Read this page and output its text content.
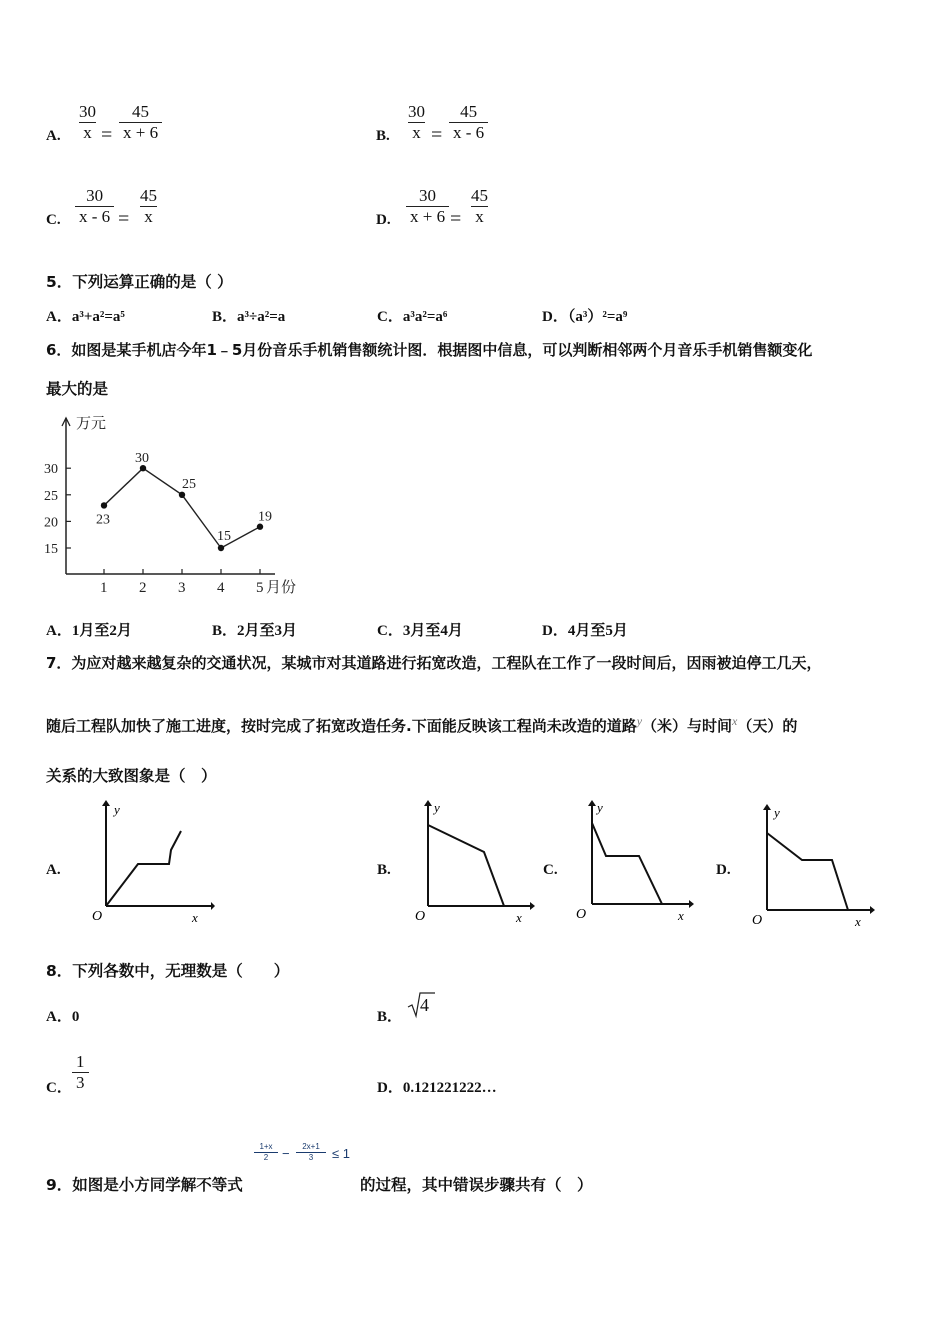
A. $\frac{30}{x} = \frac{45}{x + 6}$	B. $\frac{30}{x} = \frac{45}{x - 6}$
C. $\frac{30}{x - 6} = \frac{45}{x}$	D. $\frac{30}{x + 6} = \frac{45}{x}$
5．下列运算正确的是（ ）
A．a³+a²=a⁵	B．a³÷a²=a	C．a³a²=a⁶	D．（a³）²=a⁹
6．如图是某手机店今年1﹣5月份音乐手机销售额统计图．根据图中信息，可以判断相邻两个月音乐手机销售额变化
最大的是
万元
15
20
25
30
1 2 3 4 5 月份
23
30
25
15
19
A．1月至2月	B．2月至3月	C．3月至4月	D．4月至5月
7．为应对越来越复杂的交通状况，某城市对其道路进行拓宽改造，工程队在工作了一段时间后，因雨被迫停工几天，
随后工程队加快了施工进度，按时完成了拓宽改造任务.下面能反映该工程尚未改造的道路$^y$（米）与时间$^x$（天）的
关系的大致图象是（　）
A.
y
O	x
B.
y
O	x
C.
y
O	x
D.
y
O	x
8．下列各数中，无理数是（　　）
A．0	B．
4
C． $\frac{1}{3}$	D．0.121221222…
9．如图是小方同学解不等式
1+x
2	−	2x+1
3	≤ 1
的过程，其中错误步骤共有（　）
